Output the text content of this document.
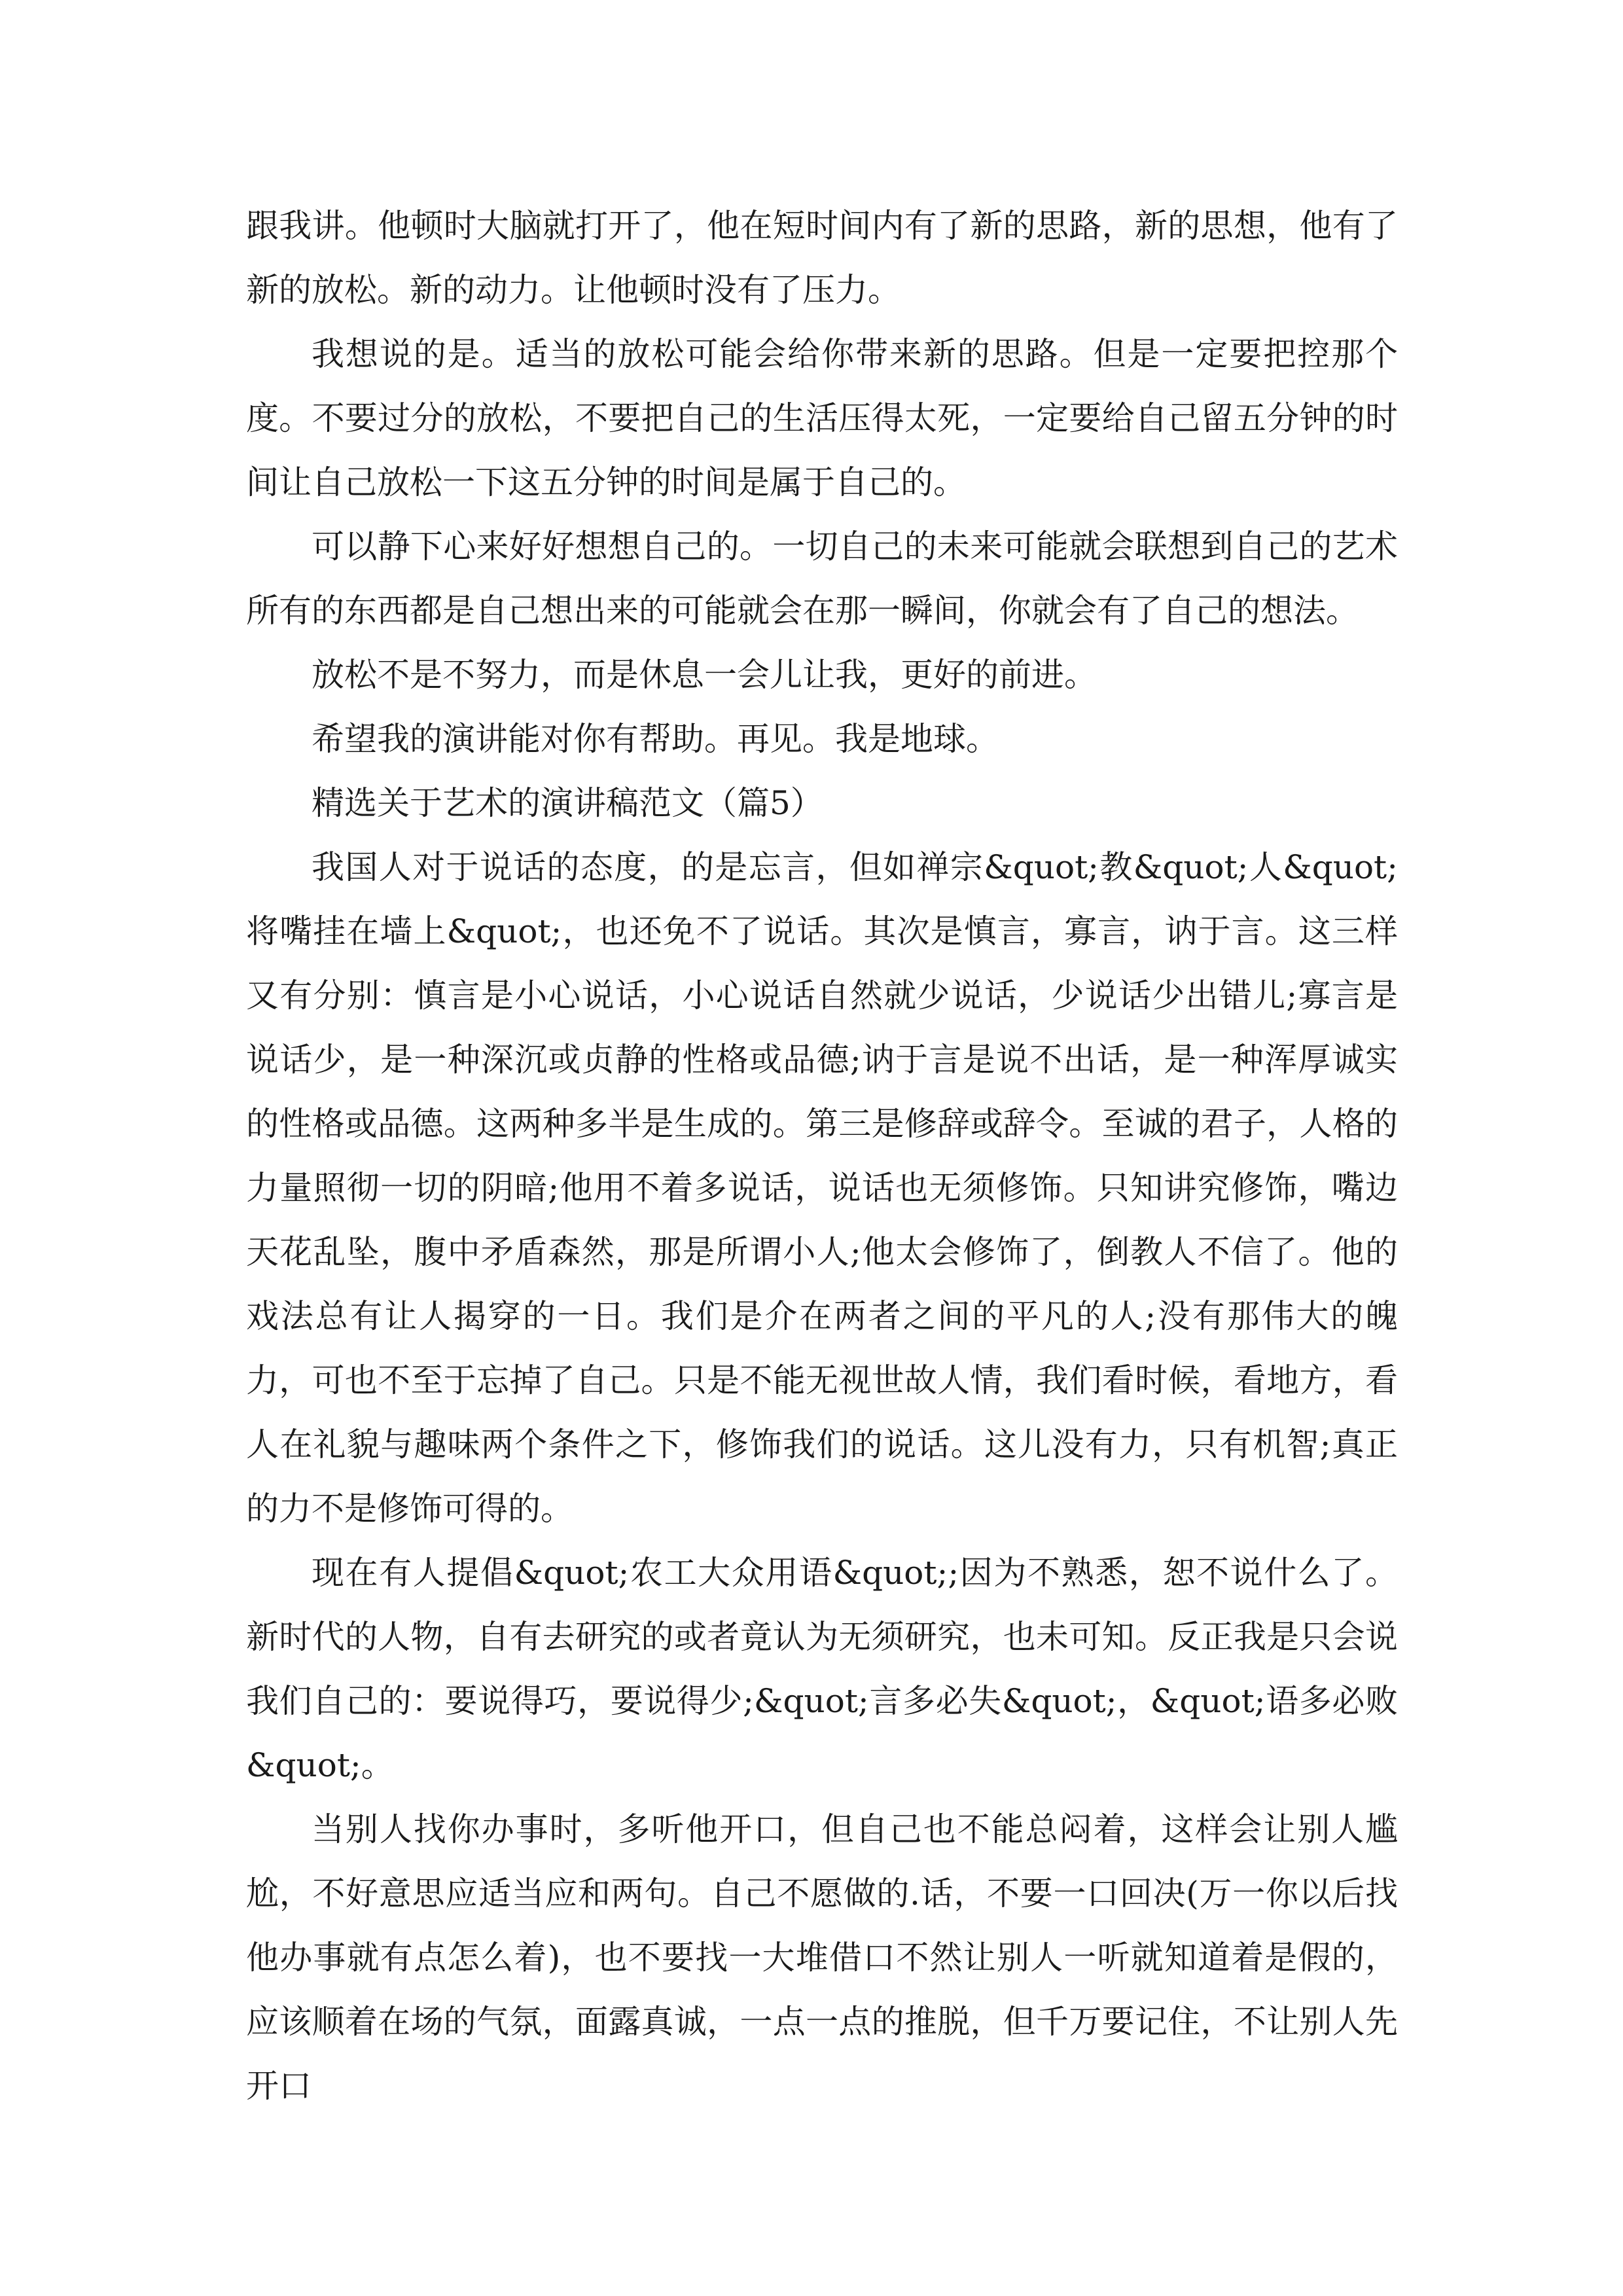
跟我讲。他顿时大脑就打开了，他在短时间内有了新的思路，新的思想，他有了新的放松。新的动力。让他顿时没有了压力。

我想说的是。适当的放松可能会给你带来新的思路。但是一定要把控那个度。不要过分的放松，不要把自己的生活压得太死，一定要给自己留五分钟的时间让自己放松一下这五分钟的时间是属于自己的。

可以静下心来好好想想自己的。一切自己的未来可能就会联想到自己的艺术所有的东西都是自己想出来的可能就会在那一瞬间，你就会有了自己的想法。

放松不是不努力，而是休息一会儿让我，更好的前进。

希望我的演讲能对你有帮助。再见。我是地球。

精选关于艺术的演讲稿范文（篇5）

我国人对于说话的态度，的是忘言，但如禅宗&quot;教&quot;人&quot;将嘴挂在墙上&quot;，也还免不了说话。其次是慎言，寡言，讷于言。这三样又有分别：慎言是小心说话，小心说话自然就少说话，少说话少出错儿;寡言是说话少，是一种深沉或贞静的性格或品德;讷于言是说不出话，是一种浑厚诚实的性格或品德。这两种多半是生成的。第三是修辞或辞令。至诚的君子，人格的力量照彻一切的阴暗;他用不着多说话，说话也无须修饰。只知讲究修饰，嘴边天花乱坠，腹中矛盾森然，那是所谓小人;他太会修饰了，倒教人不信了。他的戏法总有让人揭穿的一日。我们是介在两者之间的平凡的人;没有那伟大的魄力，可也不至于忘掉了自己。只是不能无视世故人情，我们看时候，看地方，看人在礼貌与趣味两个条件之下，修饰我们的说话。这儿没有力，只有机智;真正的力不是修饰可得的。

现在有人提倡&quot;农工大众用语&quot;;因为不熟悉，恕不说什么了。新时代的人物，自有去研究的或者竟认为无须研究，也未可知。反正我是只会说我们自己的：要说得巧，要说得少;&quot;言多必失&quot;，&quot;语多必败&quot;。

当别人找你办事时，多听他开口，但自己也不能总闷着，这样会让别人尴尬，不好意思应适当应和两句。自己不愿做的.话，不要一口回决(万一你以后找他办事就有点怎么着)，也不要找一大堆借口不然让别人一听就知道着是假的，应该顺着在场的气氛，面露真诚，一点一点的推脱，但千万要记住，不让别人先开口
